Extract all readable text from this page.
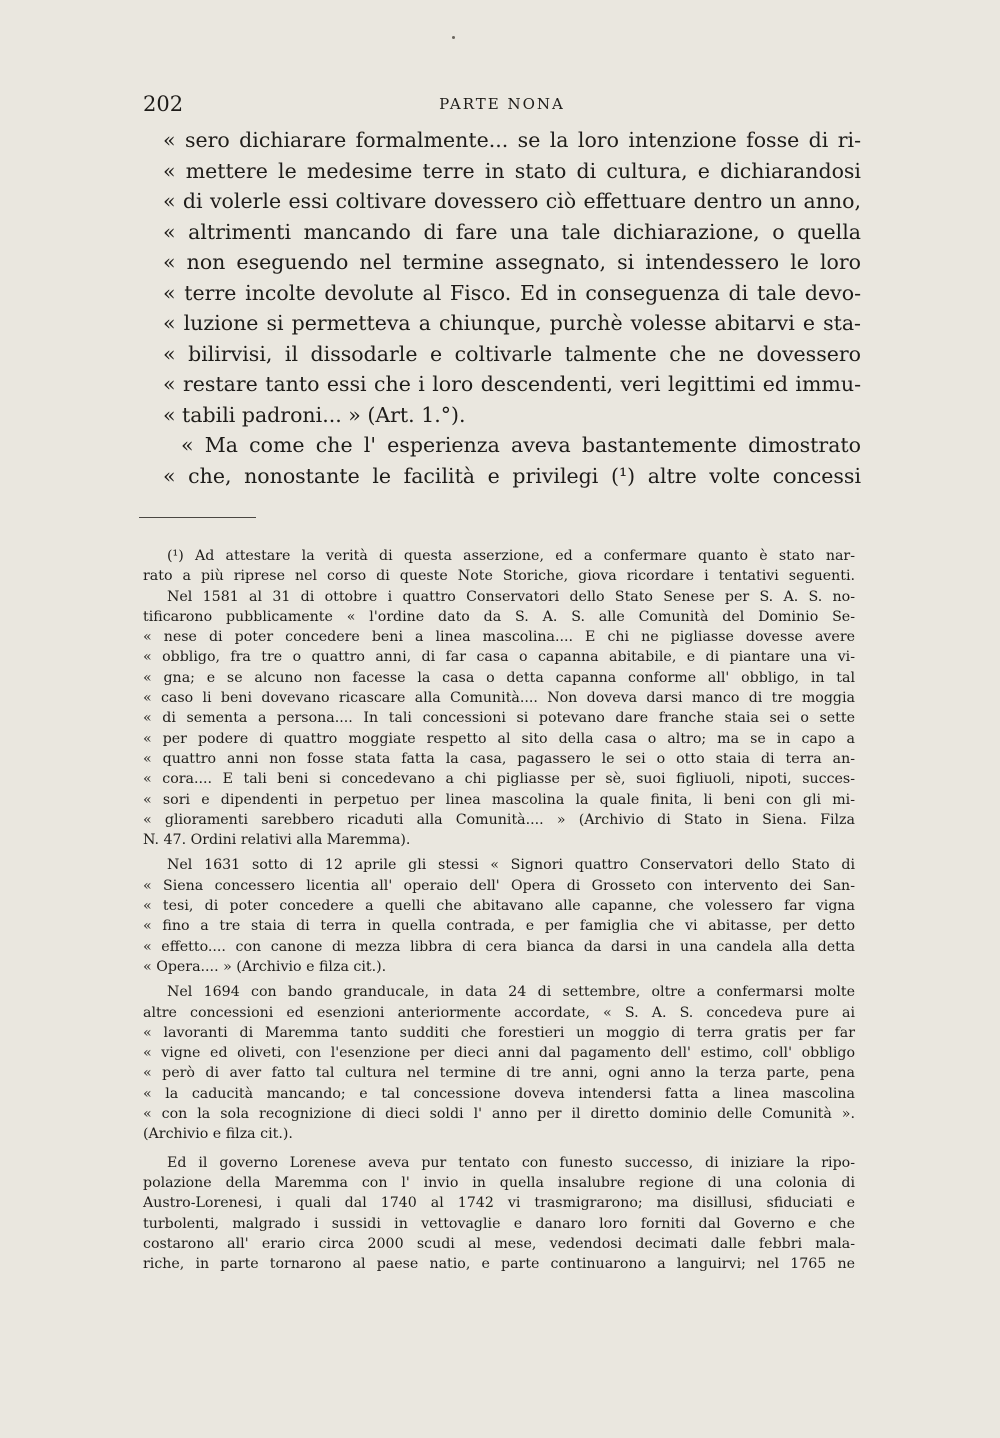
202	PARTE NONA
« sero dichiarare formalmente... se la loro intenzione fosse di ri-
« mettere le medesime terre in stato di cultura, e dichiarandosi
« di volerle essi coltivare dovessero ciò effettuare dentro un anno,
« altrimenti mancando di fare una tale dichiarazione, o quella
« non eseguendo nel termine assegnato, si intendessero le loro
« terre incolte devolute al Fisco. Ed in conseguenza di tale devo-
« luzione si permetteva a chiunque, purchè volesse abitarvi e sta-
« bilirvisi, il dissodarle e coltivarle talmente che ne dovessero
« restare tanto essi che i loro descendenti, veri legittimi ed immu-
« tabili padroni... » (Art. 1.°).
« Ma come che l' esperienza aveva bastantemente dimostrato
« che, nonostante le facilità e privilegi (¹) altre volte concessi
(¹) Ad attestare la verità di questa asserzione, ed a confermare quanto è stato nar-
rato a più riprese nel corso di queste Note Storiche, giova ricordare i tentativi seguenti.
Nel 1581 al 31 di ottobre i quattro Conservatori dello Stato Senese per S. A. S. no-
tificarono pubblicamente « l'ordine dato da S. A. S. alle Comunità del Dominio Se-
« nese di poter concedere beni a linea mascolina.... E chi ne pigliasse dovesse avere
« obbligo, fra tre o quattro anni, di far casa o capanna abitabile, e di piantare una vi-
« gna; e se alcuno non facesse la casa o detta capanna conforme all' obbligo, in tal
« caso li beni dovevano ricascare alla Comunità.... Non doveva darsi manco di tre moggia
« di sementa a persona.... In tali concessioni si potevano dare franche staia sei o sette
« per podere di quattro moggiate respetto al sito della casa o altro; ma se in capo a
« quattro anni non fosse stata fatta la casa, pagassero le sei o otto staia di terra an-
« cora.... E tali beni si concedevano a chi pigliasse per sè, suoi figliuoli, nipoti, succes-
« sori e dipendenti in perpetuo per linea mascolina la quale finita, li beni con gli mi-
« glioramenti sarebbero ricaduti alla Comunità.... » (Archivio di Stato in Siena. Filza
N. 47. Ordini relativi alla Maremma).
Nel 1631 sotto di 12 aprile gli stessi « Signori quattro Conservatori dello Stato di
« Siena concessero licentia all' operaio dell' Opera di Grosseto con intervento dei San-
« tesi, di poter concedere a quelli che abitavano alle capanne, che volessero far vigna
« fino a tre staia di terra in quella contrada, e per famiglia che vi abitasse, per detto
« effetto.... con canone di mezza libbra di cera bianca da darsi in una candela alla detta
« Opera.... » (Archivio e filza cit.).
Nel 1694 con bando granducale, in data 24 di settembre, oltre a confermarsi molte
altre concessioni ed esenzioni anteriormente accordate, « S. A. S. concedeva pure ai
« lavoranti di Maremma tanto sudditi che forestieri un moggio di terra gratis per far
« vigne ed oliveti, con l'esenzione per dieci anni dal pagamento dell' estimo, coll' obbligo
« però di aver fatto tal cultura nel termine di tre anni, ogni anno la terza parte, pena
« la caducità mancando; e tal concessione doveva intendersi fatta a linea mascolina
« con la sola recognizione di dieci soldi l' anno per il diretto dominio delle Comunità ».
(Archivio e filza cit.).
Ed il governo Lorenese aveva pur tentato con funesto successo, di iniziare la ripo-
polazione della Maremma con l' invio in quella insalubre regione di una colonia di
Austro-Lorenesi, i quali dal 1740 al 1742 vi trasmigrarono; ma disillusi, sfiduciati e
turbolenti, malgrado i sussidi in vettovaglie e danaro loro forniti dal Governo e che
costarono all' erario circa 2000 scudi al mese, vedendosi decimati dalle febbri mala-
riche, in parte tornarono al paese natio, e parte continuarono a languirvi; nel 1765 ne
